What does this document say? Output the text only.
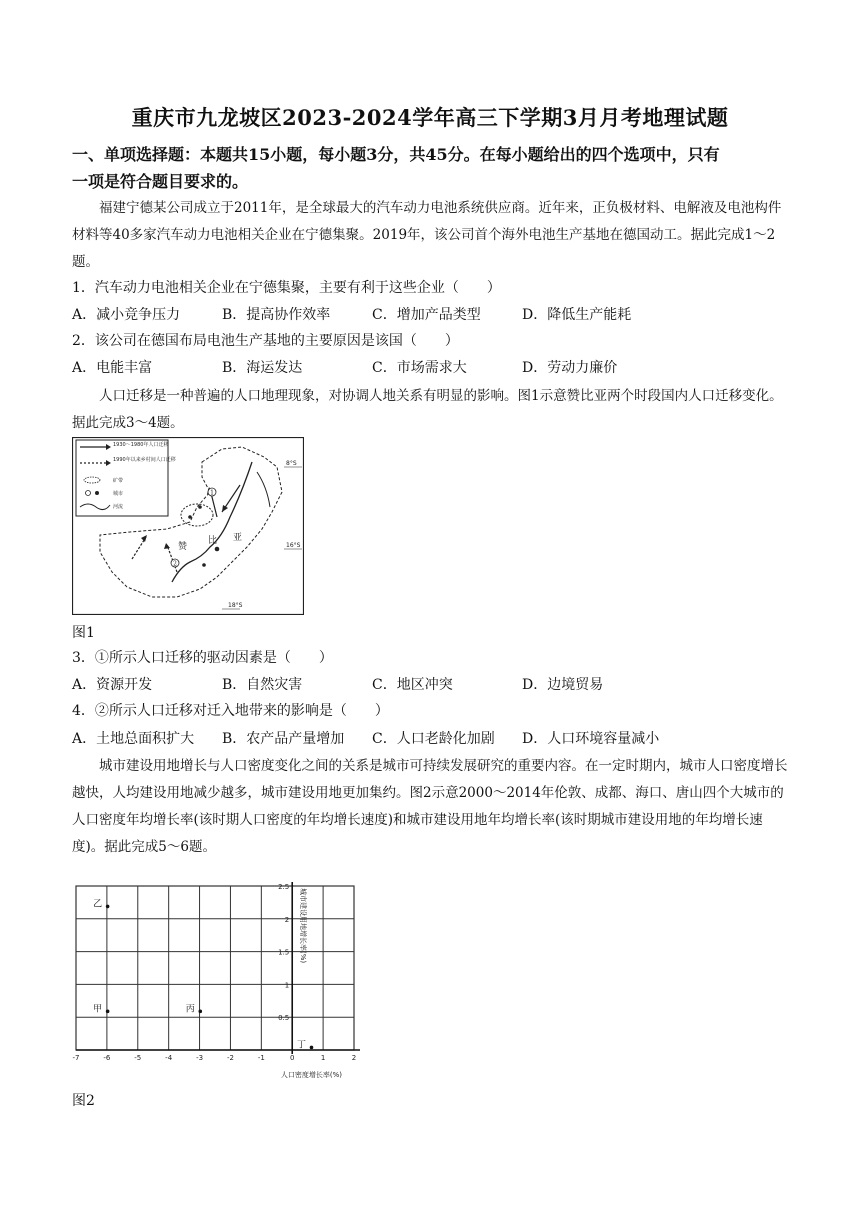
重庆市九龙坡区2023-2024学年高三下学期3月月考地理试题
一、单项选择题：本题共15小题，每小题3分，共45分。在每小题给出的四个选项中，只有
一项是符合题目要求的。
福建宁德某公司成立于2011年，是全球最大的汽车动力电池系统供应商。近年来，正负极材料、电解液及电池构件材料等40多家汽车动力电池相关企业在宁德集聚。2019年，该公司首个海外电池生产基地在德国动工。据此完成1～2题。
1．汽车动力电池相关企业在宁德集聚，主要有利于这些企业（　　）
A．减小竞争压力	B．提高协作效率	C．增加产品类型	D．降低生产能耗
2．该公司在德国布局电池生产基地的主要原因是该国（　　）
A．电能丰富	B．海运发达	C．市场需求大	D．劳动力廉价
人口迁移是一种普遍的人口地理现象，对协调人地关系有明显的影响。图1示意赞比亚两个时段国内人口迁移变化。据此完成3～4题。
1930～1980年人口迁移
1990年以来乡村间人口迁移
矿带
城市
河流
1
2
赞
比 亚
8°S
16°S
18°S
图1
3．①所示人口迁移的驱动因素是（　　）
A．资源开发	B．自然灾害	C．地区冲突	D．边境贸易
4．②所示人口迁移对迁入地带来的影响是（　　）
A．土地总面积扩大 B．农产品产量增加 C．人口老龄化加剧 D．人口环境容量减小
城市建设用地增长与人口密度变化之间的关系是城市可持续发展研究的重要内容。在一定时期内，城市人口密度增长越快，人均建设用地减少越多，城市建设用地更加集约。图2示意2000～2014年伦敦、成都、海口、唐山四个大城市的人口密度年均增长率(该时期人口密度的年均增长速度)和城市建设用地年均增长率(该时期城市建设用地的年均增长速度)。据此完成5～6题。
-7	-6	-5	-4	-3	-2	-1	0	1	2
2.5
2
1.5
1
0.5
乙
甲	丙
丁
人口密度增长率(%)
城市建设用地增长率(%)
图2
